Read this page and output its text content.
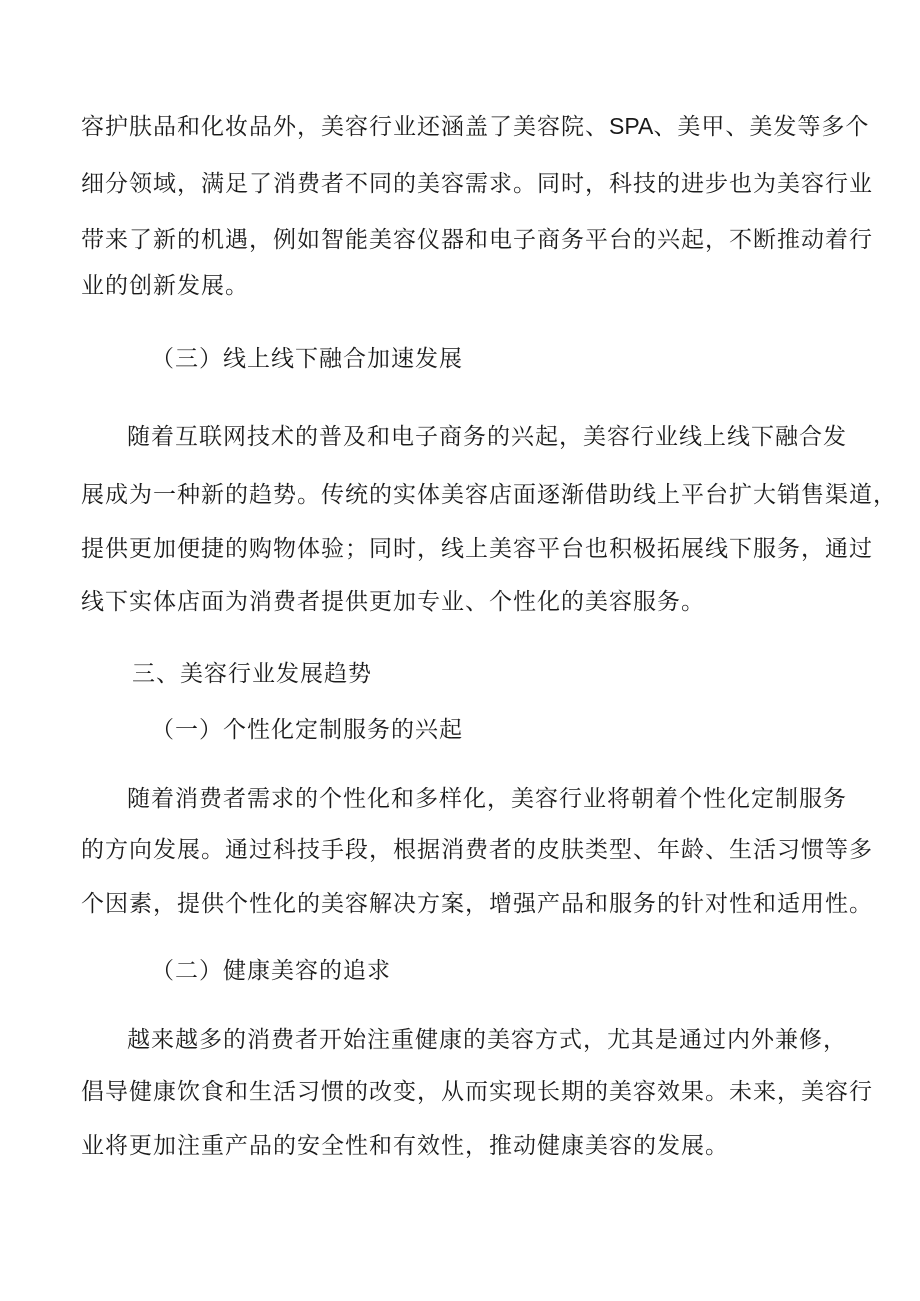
容护肤品和化妆品外，美容行业还涵盖了美容院、SPA、美甲、美发等多个

细分领域，满足了消费者不同的美容需求。同时，科技的进步也为美容行业

带来了新的机遇，例如智能美容仪器和电子商务平台的兴起，不断推动着行

业的创新发展。

（三）线上线下融合加速发展

随着互联网技术的普及和电子商务的兴起，美容行业线上线下融合发

展成为一种新的趋势。传统的实体美容店面逐渐借助线上平台扩大销售渠道，

提供更加便捷的购物体验；同时，线上美容平台也积极拓展线下服务，通过

线下实体店面为消费者提供更加专业、个性化的美容服务。

三、美容行业发展趋势

（一）个性化定制服务的兴起

随着消费者需求的个性化和多样化，美容行业将朝着个性化定制服务

的方向发展。通过科技手段，根据消费者的皮肤类型、年龄、生活习惯等多

个因素，提供个性化的美容解决方案，增强产品和服务的针对性和适用性。

（二）健康美容的追求

越来越多的消费者开始注重健康的美容方式，尤其是通过内外兼修，

倡导健康饮食和生活习惯的改变，从而实现长期的美容效果。未来，美容行

业将更加注重产品的安全性和有效性，推动健康美容的发展。
